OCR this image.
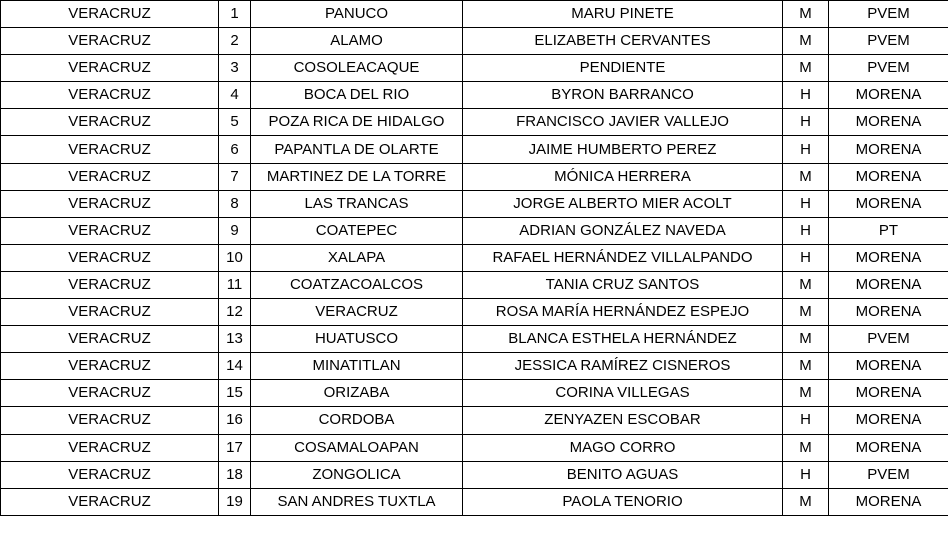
VERACRUZ	1	PANUCO	MARU PINETE	M	PVEM
VERACRUZ	2	ALAMO	ELIZABETH CERVANTES	M	PVEM
VERACRUZ	3	COSOLEACAQUE	PENDIENTE	M	PVEM
VERACRUZ	4	BOCA DEL RIO	BYRON BARRANCO	H	MORENA
VERACRUZ	5	POZA RICA DE HIDALGO	FRANCISCO JAVIER VALLEJO	H	MORENA
VERACRUZ	6	PAPANTLA DE OLARTE	JAIME HUMBERTO PEREZ	H	MORENA
VERACRUZ	7	MARTINEZ DE LA TORRE	MÓNICA HERRERA	M	MORENA
VERACRUZ	8	LAS TRANCAS	JORGE ALBERTO MIER ACOLT	H	MORENA
VERACRUZ	9	COATEPEC	ADRIAN GONZÁLEZ NAVEDA	H	PT
VERACRUZ	10	XALAPA	RAFAEL HERNÁNDEZ VILLALPANDO	H	MORENA
VERACRUZ	11	COATZACOALCOS	TANIA CRUZ SANTOS	M	MORENA
VERACRUZ	12	VERACRUZ	ROSA MARÍA HERNÁNDEZ ESPEJO	M	MORENA
VERACRUZ	13	HUATUSCO	BLANCA ESTHELA HERNÁNDEZ	M	PVEM
VERACRUZ	14	MINATITLAN	JESSICA RAMÍREZ CISNEROS	M	MORENA
VERACRUZ	15	ORIZABA	CORINA VILLEGAS	M	MORENA
VERACRUZ	16	CORDOBA	ZENYAZEN ESCOBAR	H	MORENA
VERACRUZ	17	COSAMALOAPAN	MAGO CORRO	M	MORENA
VERACRUZ	18	ZONGOLICA	BENITO AGUAS	H	PVEM
VERACRUZ	19	SAN ANDRES TUXTLA	PAOLA TENORIO	M	MORENA
